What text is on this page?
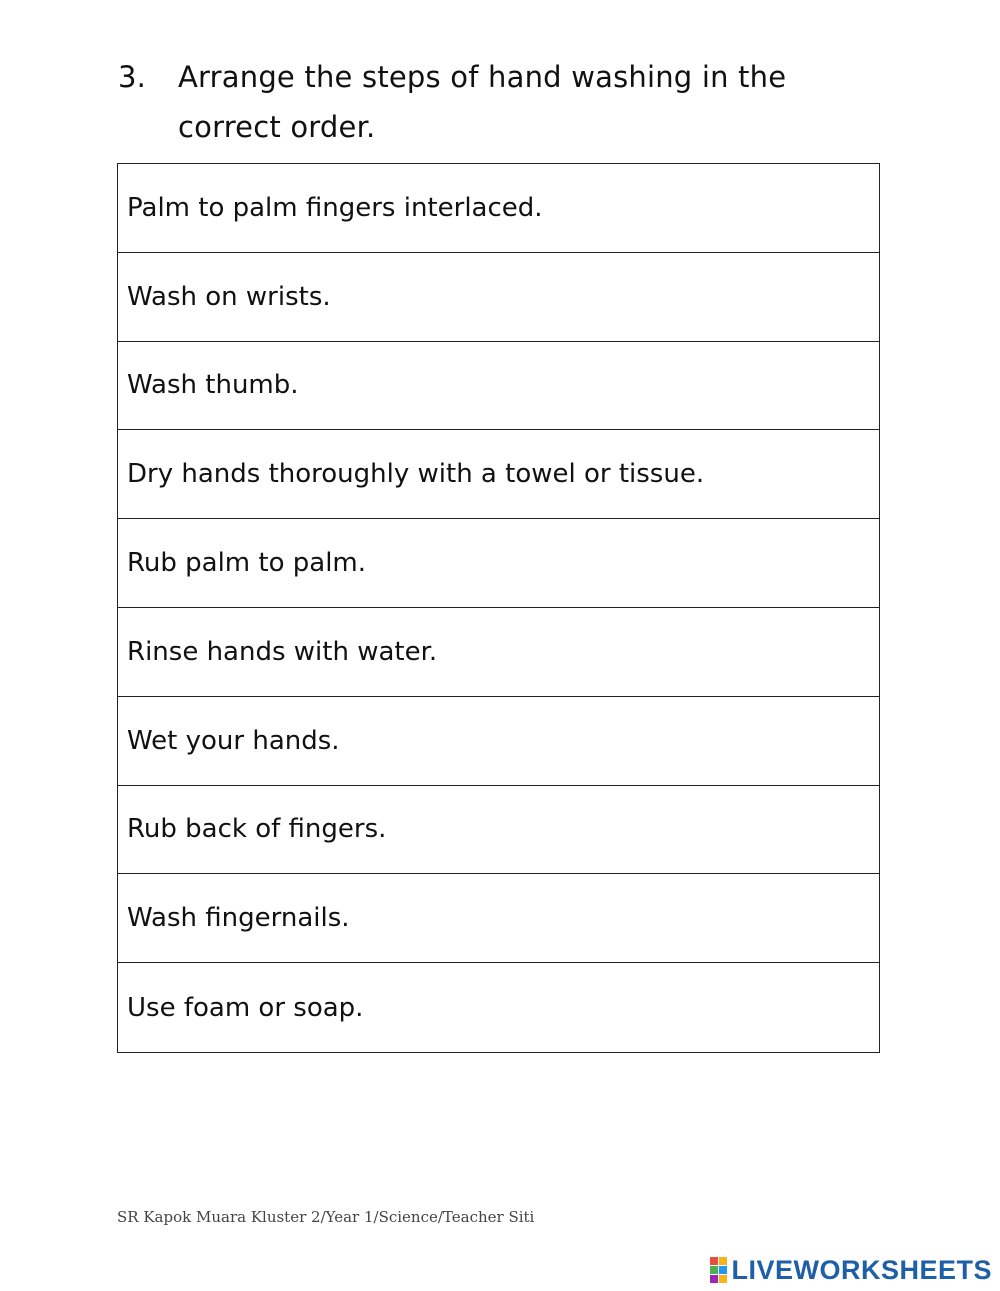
3.	Arrange the steps of hand washing in the
correct order.
Palm to palm fingers interlaced.
Wash on wrists.
Wash thumb.
Dry hands thoroughly with a towel or tissue.
Rub palm to palm.
Rinse hands with water.
Wet your hands.
Rub back of fingers.
Wash fingernails.
Use foam or soap.
SR Kapok Muara Kluster 2/Year 1/Science/Teacher Siti
LIVEWORKSHEETS
